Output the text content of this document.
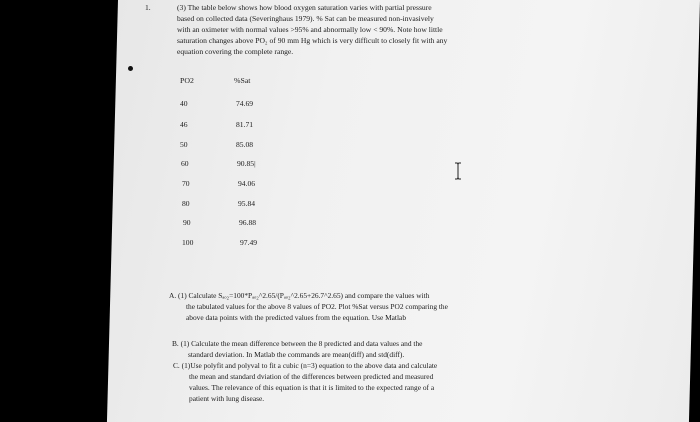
1.	(3) The table below shows how blood oxygen saturation varies with partial pressure
based on collected data (Severinghaus 1979). % Sat can be measured non-invasively
with an oximeter with normal values >95% and abnormally low < 90%. Note how little
saturation changes above PO₂ of 90 mm Hg which is very difficult to closely fit with any
equation covering the complete range.
PO2	%Sat
40	74.69
46	81.71
50	85.08
60	90.85|
70	94.06
80	95.84
90	96.88
100	97.49
A. (1) Calculate Sₐₒ₂=100*Pₐₒ₂^2.65/(Pₐₒ₂^2.65+26.7^2.65) and compare the values with
the tabulated values for the above 8 values of PO2. Plot %Sat versus PO2 comparing the
above data points with the predicted values from the equation. Use Matlab
B. (1) Calculate the mean difference between the 8 predicted and data values and the
standard deviation. In Matlab the commands are mean(diff) and std(diff).
C. (1)Use polyfit and polyval to fit a cubic (n=3) equation to the above data and calculate
the mean and standard dviation of the differences between predicted and measured
values. The relevance of this equation is that it is limited to the expected range of a
patient with lung disease.
